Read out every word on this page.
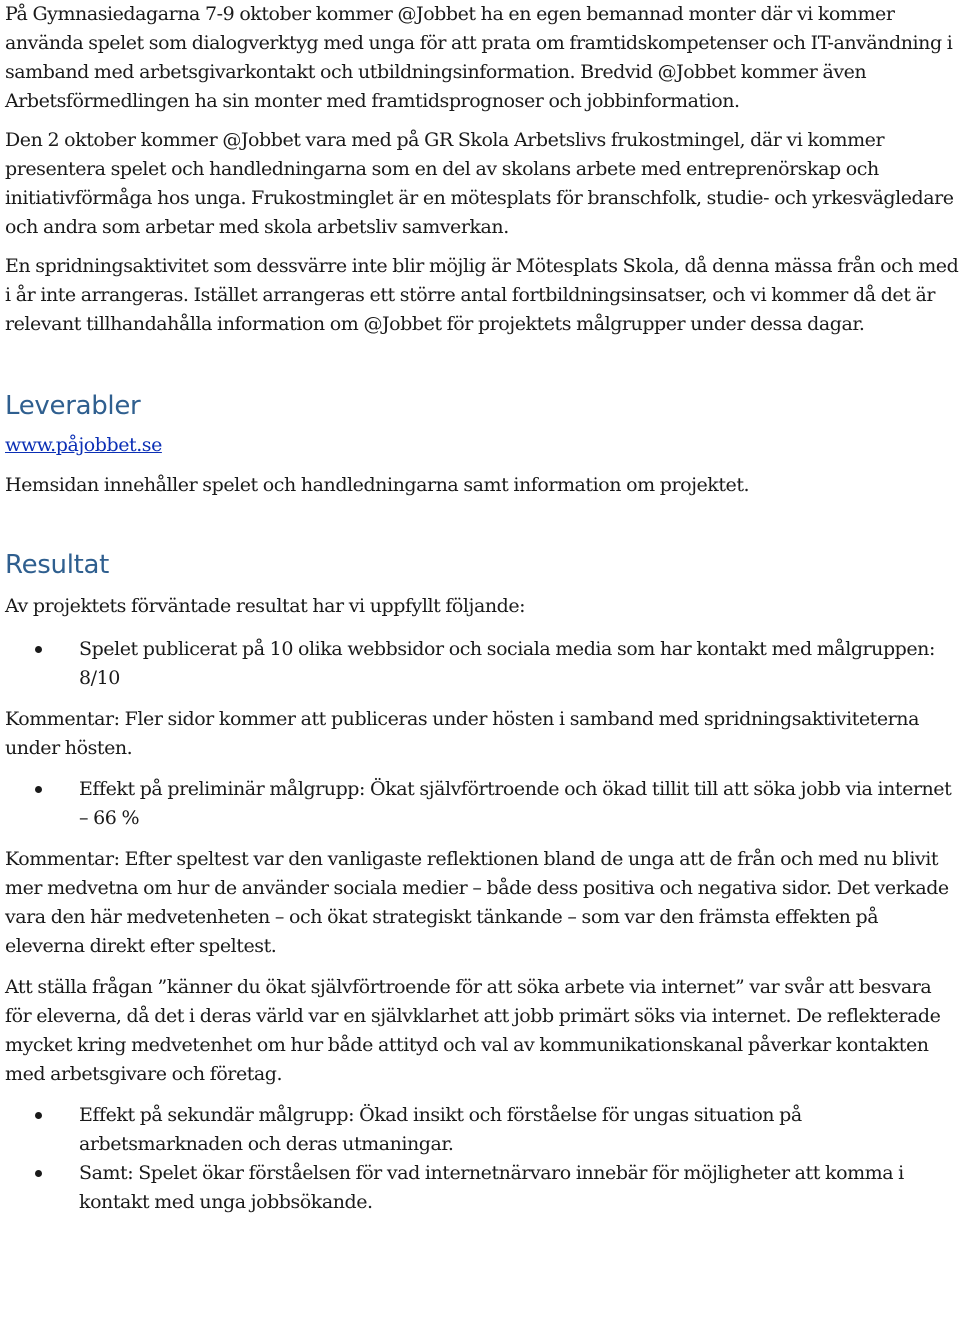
På Gymnasiedagarna 7-9 oktober kommer @Jobbet ha en egen bemannad monter där vi kommer använda spelet som dialogverktyg med unga för att prata om framtidskompetenser och IT-användning i samband med arbetsgivarkontakt och utbildningsinformation. Bredvid @Jobbet kommer även Arbetsförmedlingen ha sin monter med framtidsprognoser och jobbinformation.

Den 2 oktober kommer @Jobbet vara med på GR Skola Arbetslivs frukostmingel, där vi kommer presentera spelet och handledningarna som en del av skolans arbete med entreprenörskap och initiativförmåga hos unga. Frukostminglet är en mötesplats för branschfolk, studie- och yrkesvägledare och andra som arbetar med skola arbetsliv samverkan.

En spridningsaktivitet som dessvärre inte blir möjlig är Mötesplats Skola, då denna mässa från och med i år inte arrangeras. Istället arrangeras ett större antal fortbildningsinsatser, och vi kommer då det är relevant tillhandahålla information om @Jobbet för projektets målgrupper under dessa dagar.

Leverabler

www.påjobbet.se

Hemsidan innehåller spelet och handledningarna samt information om projektet.

Resultat

Av projektets förväntade resultat har vi uppfyllt följande:

Spelet publicerat på 10 olika webbsidor och sociala media som har kontakt med målgruppen: 8/10

Kommentar: Fler sidor kommer att publiceras under hösten i samband med spridningsaktiviteterna under hösten.

Effekt på preliminär målgrupp: Ökat självförtroende och ökad tillit till att söka jobb via internet – 66 %

Kommentar: Efter speltest var den vanligaste reflektionen bland de unga att de från och med nu blivit mer medvetna om hur de använder sociala medier – både dess positiva och negativa sidor. Det verkade vara den här medvetenheten – och ökat strategiskt tänkande – som var den främsta effekten på eleverna direkt efter speltest.

Att ställa frågan ”känner du ökat självförtroende för att söka arbete via internet” var svår att besvara för eleverna, då det i deras värld var en självklarhet att jobb primärt söks via internet. De reflekterade mycket kring medvetenhet om hur både attityd och val av kommunikationskanal påverkar kontakten med arbetsgivare och företag.

Effekt på sekundär målgrupp: Ökad insikt och förståelse för ungas situation på arbetsmarknaden och deras utmaningar.
Samt: Spelet ökar förståelsen för vad internetnärvaro innebär för möjligheter att komma i kontakt med unga jobbsökande.
